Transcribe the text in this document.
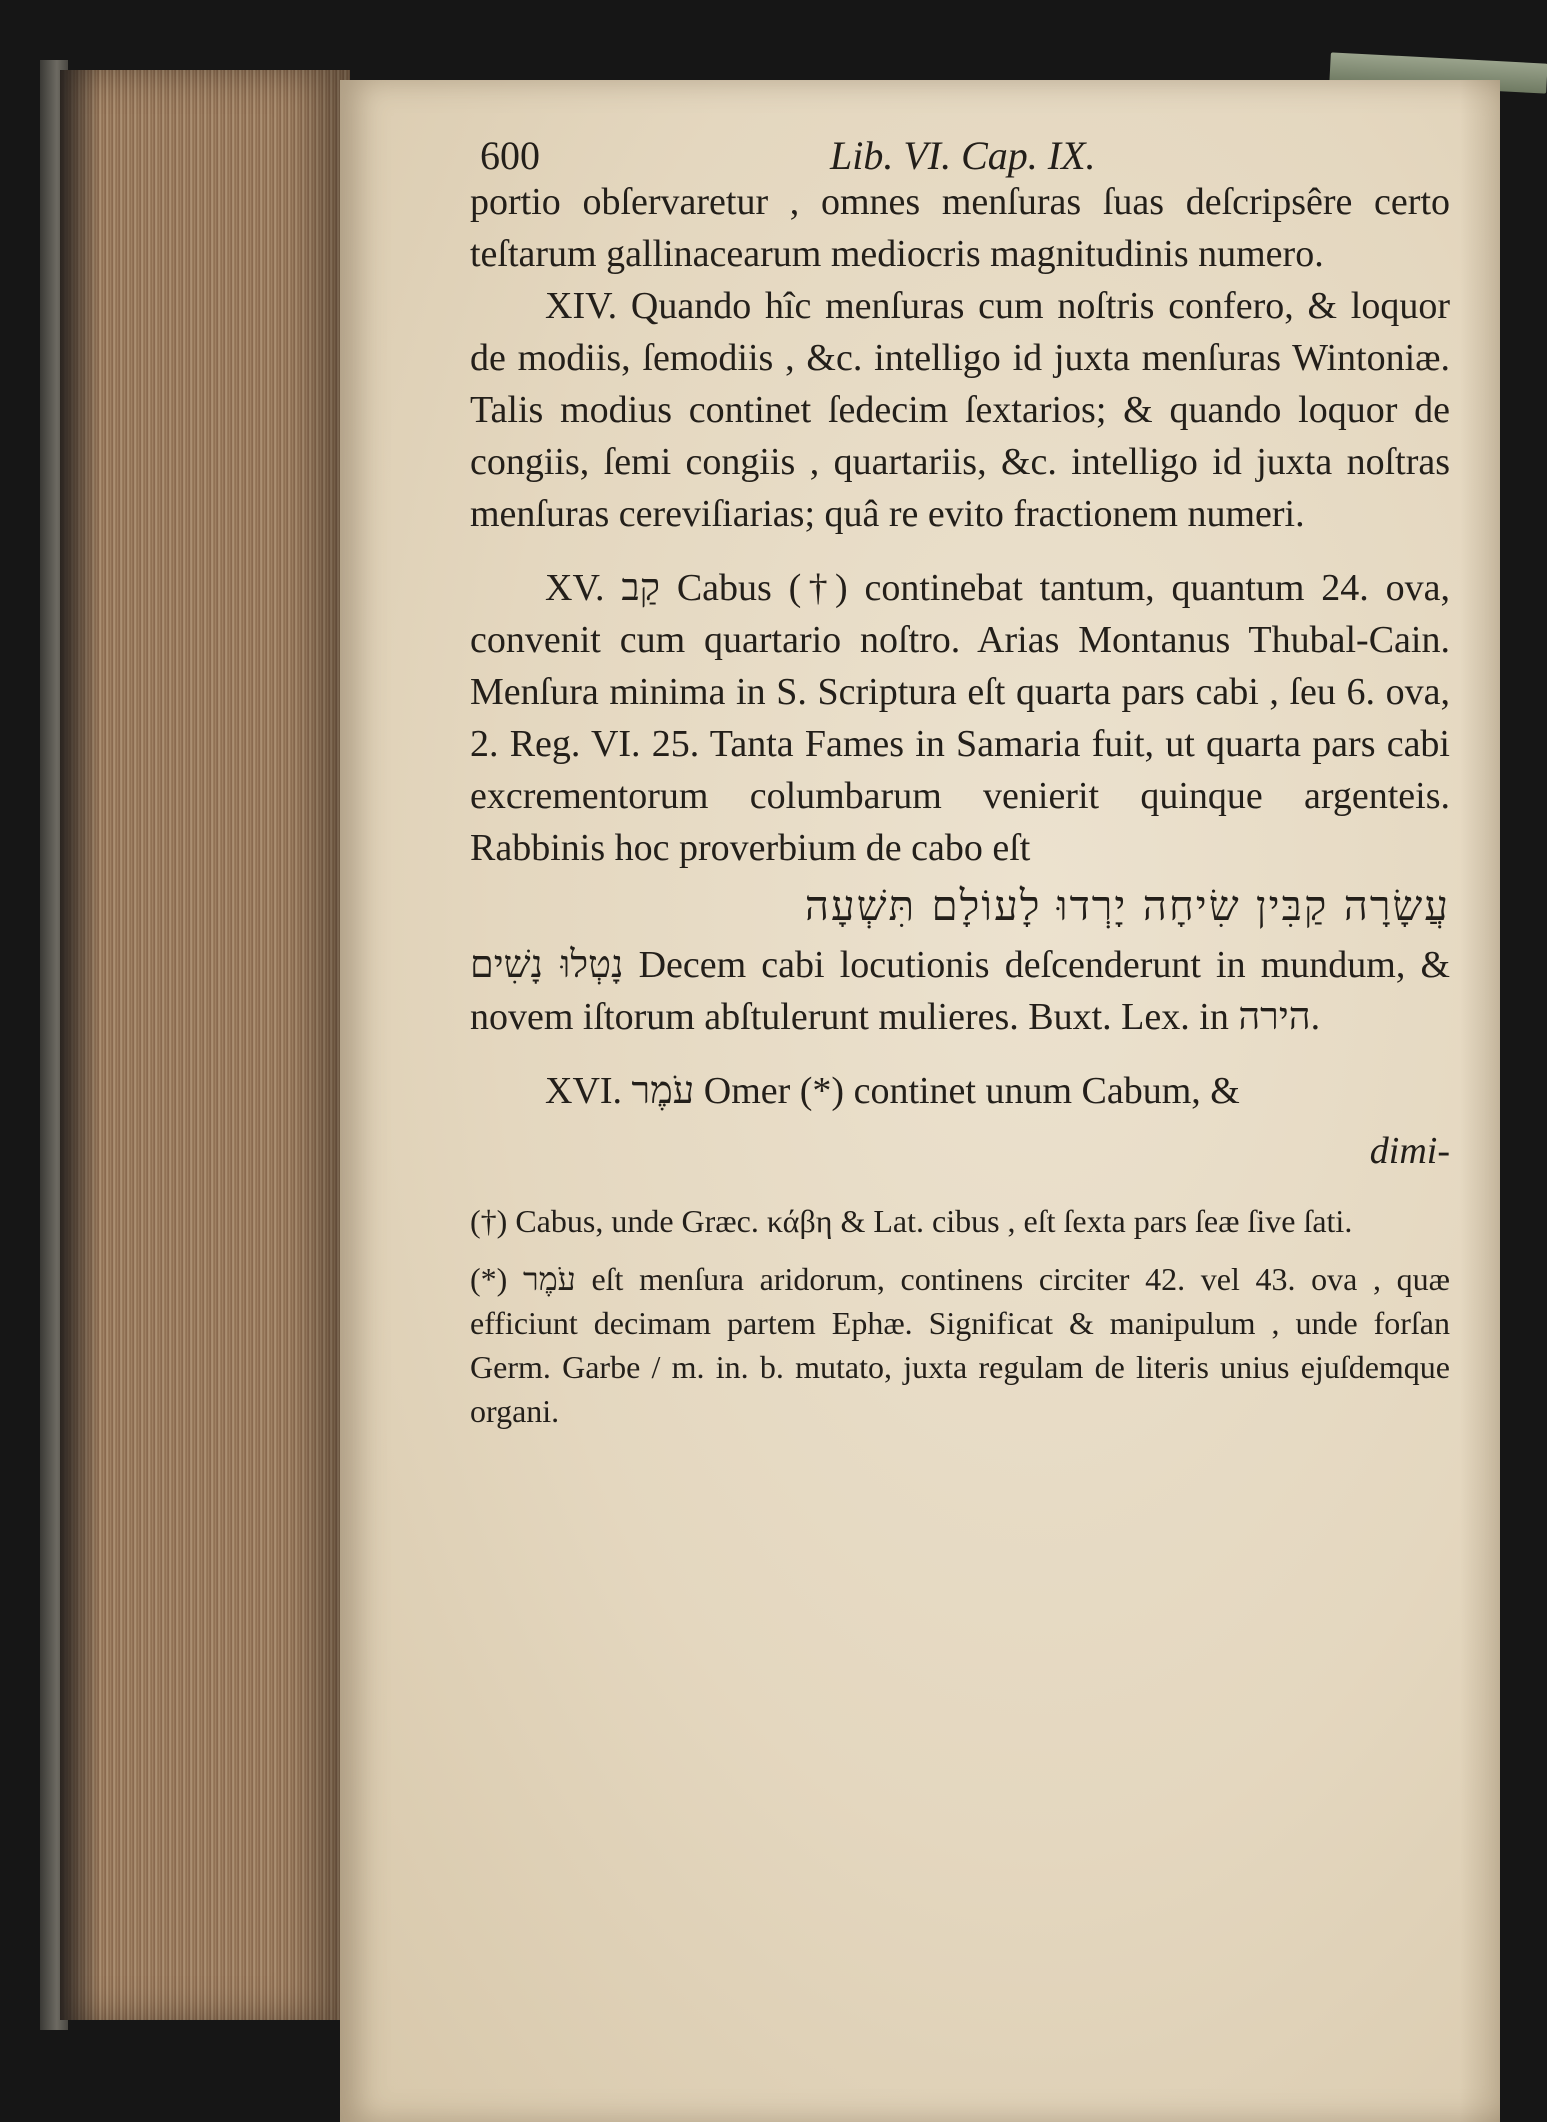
600	Lib. VI. Cap. IX.

portio obſervaretur , omnes menſuras ſuas deſcripsêre certo teſtarum gallinacearum mediocris magnitudinis numero.

XIV. Quando hîc menſuras cum noſtris confero, & loquor de modiis, ſemodiis , &c. intelligo id juxta menſuras Wintoniæ. Talis modius continet ſedecim ſextarios; & quando loquor de congiis, ſemi congiis , quartariis, &c. intelligo id juxta noſtras menſuras cereviſiarias; quâ re evito fractionem numeri.

XV. קַב Cabus (†) continebat tantum, quantum 24. ova, convenit cum quartario noſtro. Arias Montanus Thubal-Cain. Menſura minima in S. Scriptura eſt quarta pars cabi , ſeu 6. ova, 2. Reg. VI. 25. Tanta Fames in Samaria fuit, ut quarta pars cabi excrementorum columbarum venierit quinque argenteis. Rabbinis hoc proverbium de cabo eſt

עֲשָׂרָה קַבִּין שִׂיחָה יָרְדוּ לָעוֹלָם תִּשְׁעָה

נָטְלוּ נָשִׁים Decem cabi locutionis deſcenderunt in mundum, & novem iſtorum abſtulerunt mulieres. Buxt. Lex. in הירה.

XVI. עֹמֶר Omer (*) continet unum Cabum, &

dimi-

(†) Cabus, unde Græc. κάβη & Lat. cibus , eſt ſexta pars ſeæ ſive ſati.

(*) עֹמֶר eſt menſura aridorum, continens circiter 42. vel 43. ova , quæ efficiunt decimam partem Ephæ. Significat & manipulum , unde forſan Germ. Garbe / m. in. b. mutato, juxta regulam de literis unius ejuſdemque organi.
